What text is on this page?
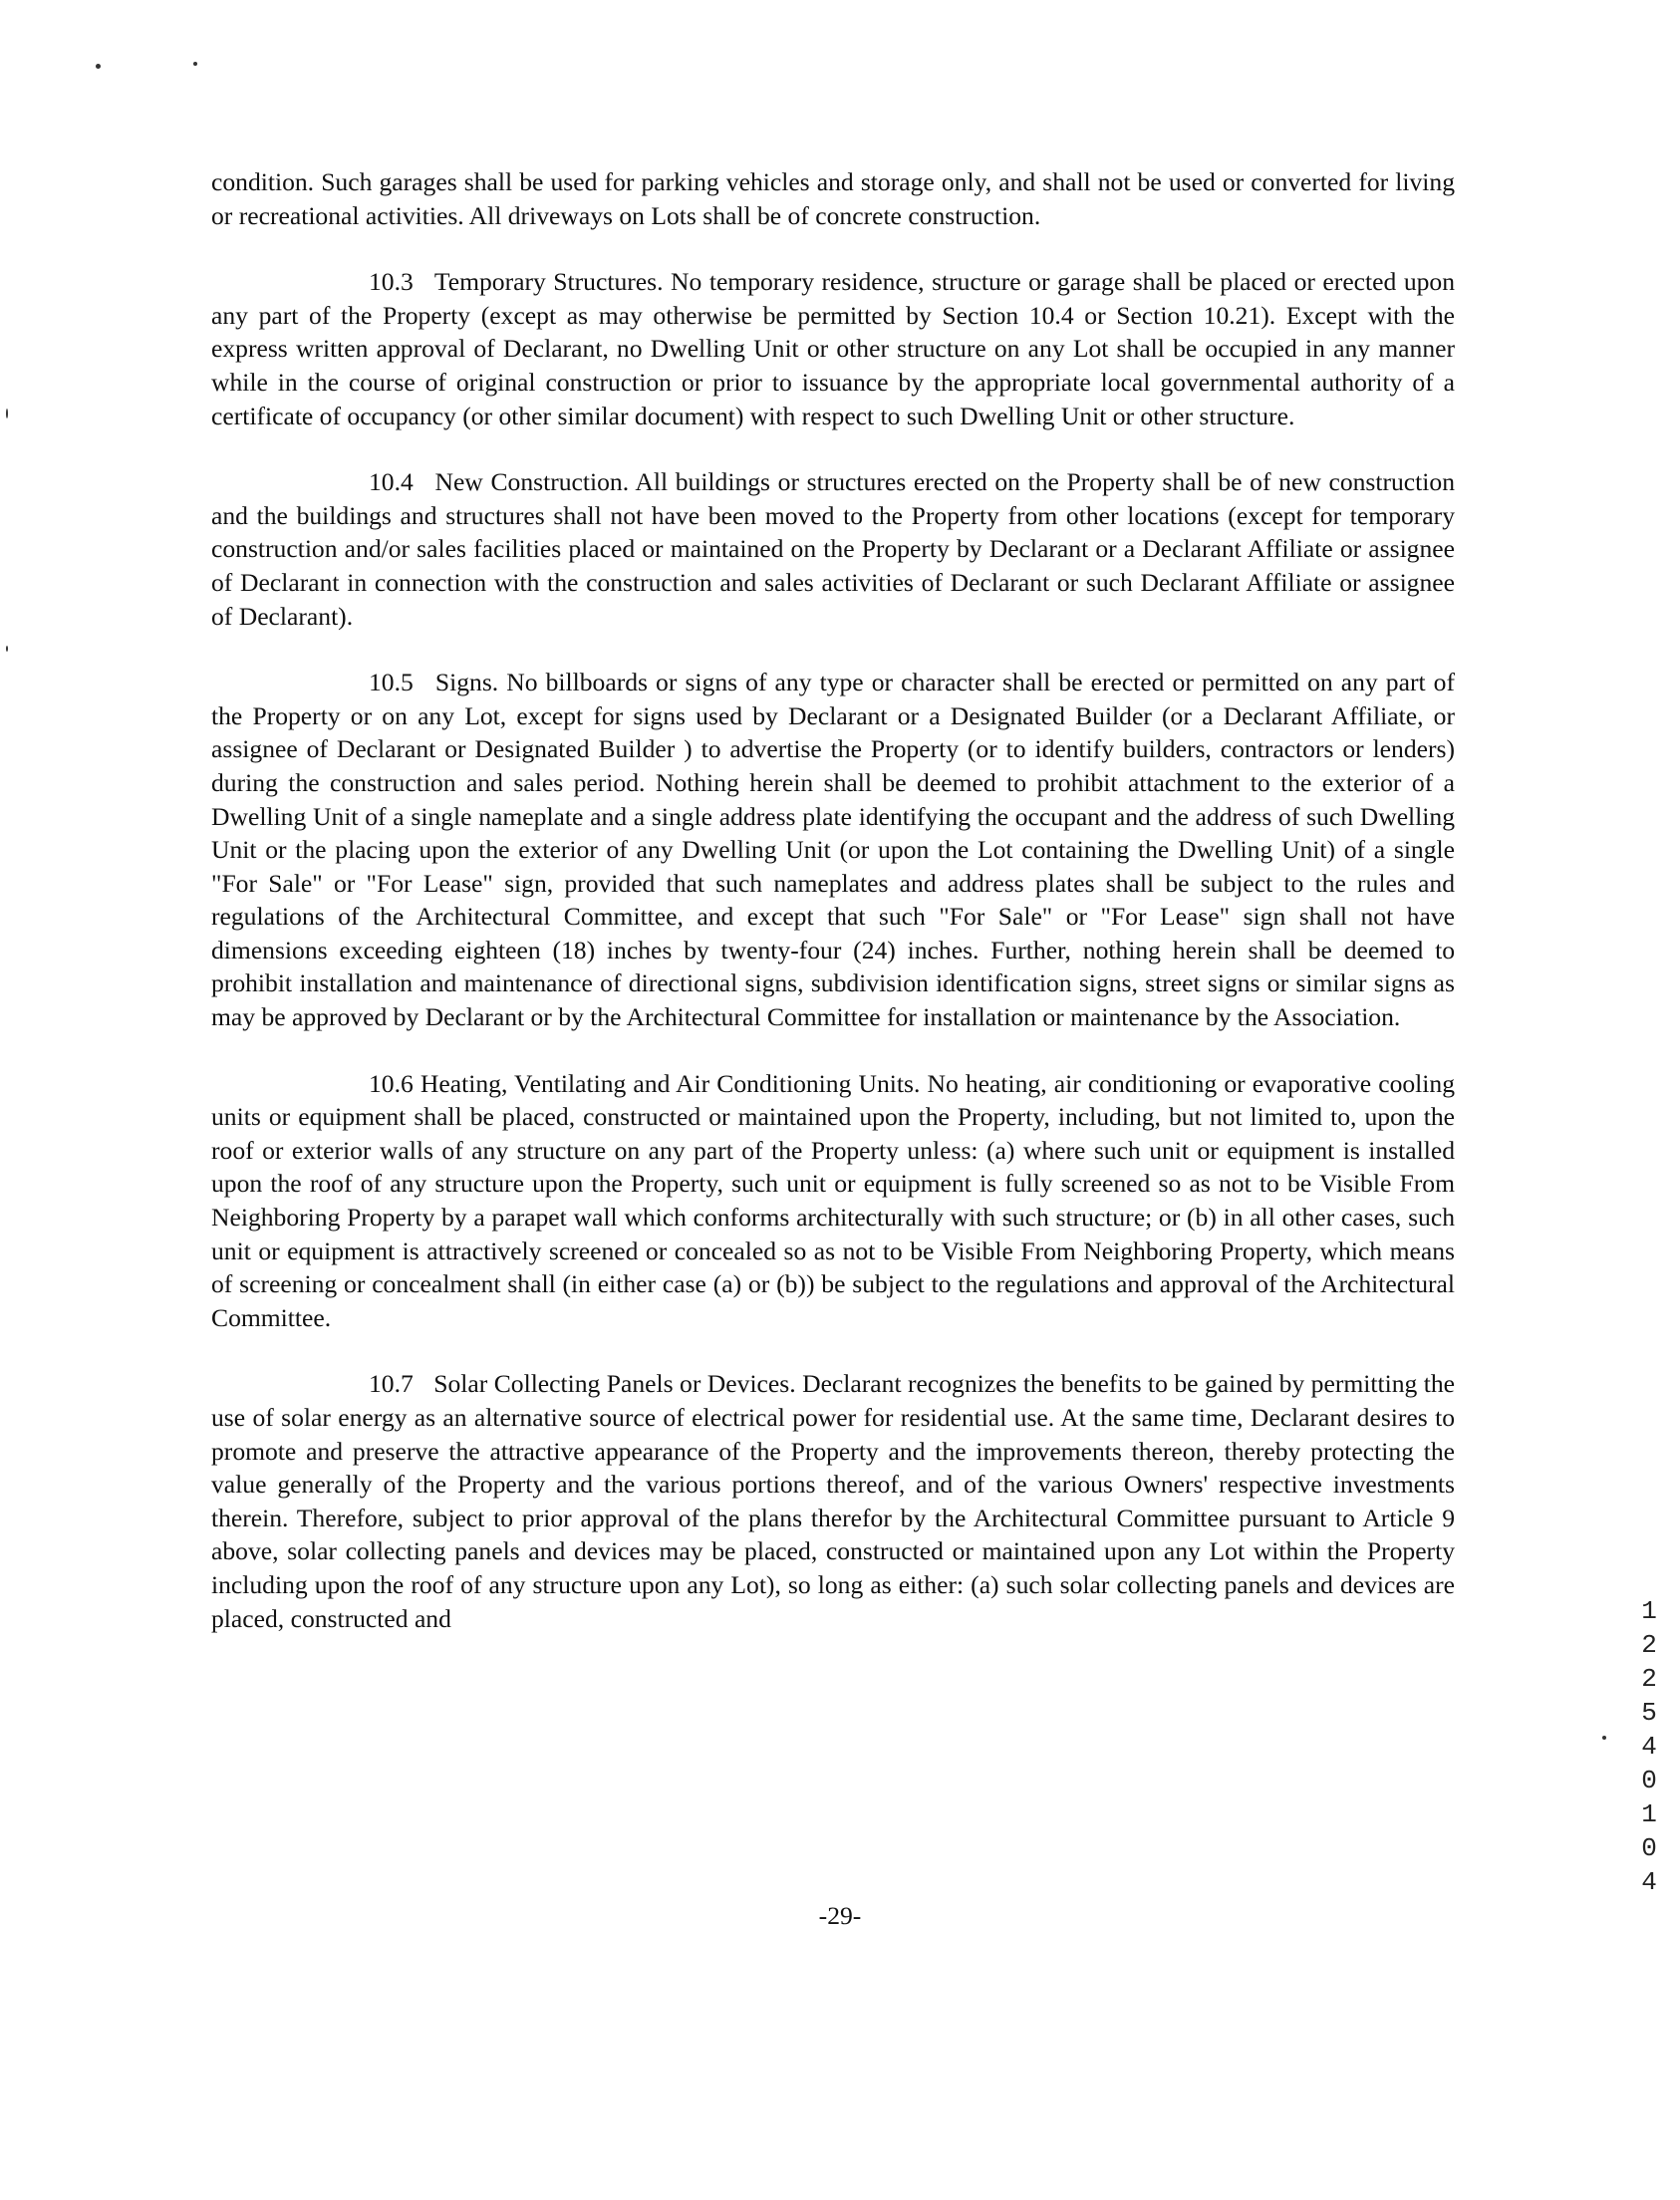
condition. Such garages shall be used for parking vehicles and storage only, and shall not be used or converted for living or recreational activities. All driveways on Lots shall be of concrete construction.

10.3 Temporary Structures. No temporary residence, structure or garage shall be placed or erected upon any part of the Property (except as may otherwise be permitted by Section 10.4 or Section 10.21). Except with the express written approval of Declarant, no Dwelling Unit or other structure on any Lot shall be occupied in any manner while in the course of original construction or prior to issuance by the appropriate local governmental authority of a certificate of occupancy (or other similar document) with respect to such Dwelling Unit or other structure.

10.4 New Construction. All buildings or structures erected on the Property shall be of new construction and the buildings and structures shall not have been moved to the Property from other locations (except for temporary construction and/or sales facilities placed or maintained on the Property by Declarant or a Declarant Affiliate or assignee of Declarant in connection with the construction and sales activities of Declarant or such Declarant Affiliate or assignee of Declarant).

10.5 Signs. No billboards or signs of any type or character shall be erected or permitted on any part of the Property or on any Lot, except for signs used by Declarant or a Designated Builder (or a Declarant Affiliate, or assignee of Declarant or Designated Builder ) to advertise the Property (or to identify builders, contractors or lenders) during the construction and sales period. Nothing herein shall be deemed to prohibit attachment to the exterior of a Dwelling Unit of a single nameplate and a single address plate identifying the occupant and the address of such Dwelling Unit or the placing upon the exterior of any Dwelling Unit (or upon the Lot containing the Dwelling Unit) of a single "For Sale" or "For Lease" sign, provided that such nameplates and address plates shall be subject to the rules and regulations of the Architectural Committee, and except that such "For Sale" or "For Lease" sign shall not have dimensions exceeding eighteen (18) inches by twenty-four (24) inches. Further, nothing herein shall be deemed to prohibit installation and maintenance of directional signs, subdivision identification signs, street signs or similar signs as may be approved by Declarant or by the Architectural Committee for installation or maintenance by the Association.

10.6 Heating, Ventilating and Air Conditioning Units. No heating, air conditioning or evaporative cooling units or equipment shall be placed, constructed or maintained upon the Property, including, but not limited to, upon the roof or exterior walls of any structure on any part of the Property unless: (a) where such unit or equipment is installed upon the roof of any structure upon the Property, such unit or equipment is fully screened so as not to be Visible From Neighboring Property by a parapet wall which conforms architecturally with such structure; or (b) in all other cases, such unit or equipment is attractively screened or concealed so as not to be Visible From Neighboring Property, which means of screening or concealment shall (in either case (a) or (b)) be subject to the regulations and approval of the Architectural Committee.

10.7 Solar Collecting Panels or Devices. Declarant recognizes the benefits to be gained by permitting the use of solar energy as an alternative source of electrical power for residential use. At the same time, Declarant desires to promote and preserve the attractive appearance of the Property and the improvements thereon, thereby protecting the value generally of the Property and the various portions thereof, and of the various Owners' respective investments therein. Therefore, subject to prior approval of the plans therefor by the Architectural Committee pursuant to Article 9 above, solar collecting panels and devices may be placed, constructed or maintained upon any Lot within the Property including upon the roof of any structure upon any Lot), so long as either: (a) such solar collecting panels and devices are placed, constructed and

-29-
12254 0104
